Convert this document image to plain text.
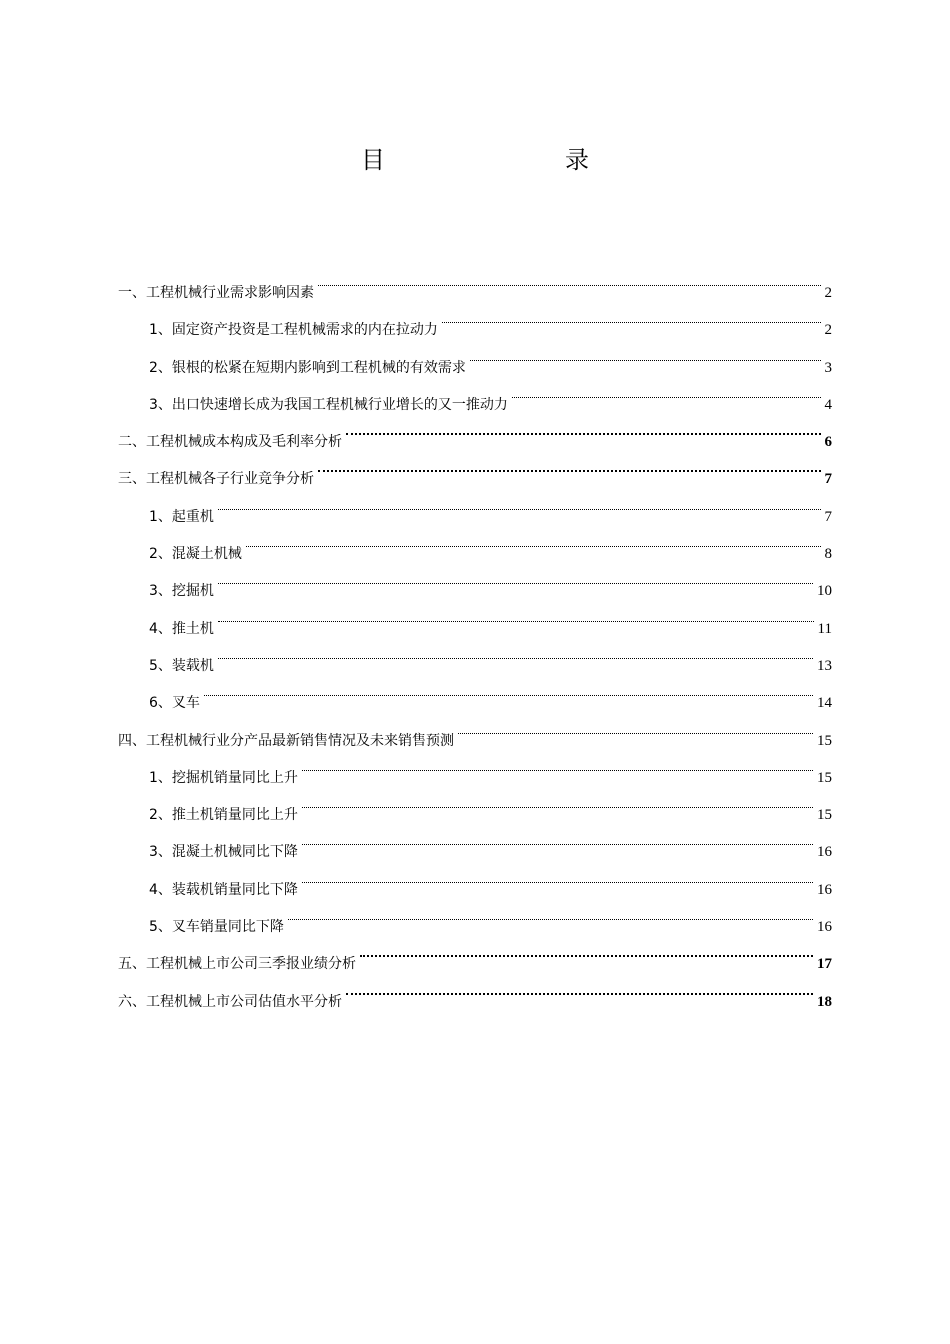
目　　录
一、工程机械行业需求影响因素	2
1、固定资产投资是工程机械需求的内在拉动力	2
2、银根的松紧在短期内影响到工程机械的有效需求	3
3、出口快速增长成为我国工程机械行业增长的又一推动力	4
二、工程机械成本构成及毛利率分析	6
三、工程机械各子行业竞争分析	7
1、起重机	7
2、混凝土机械	8
3、挖掘机	10
4、推土机	11
5、装载机	13
6、叉车	14
四、工程机械行业分产品最新销售情况及未来销售预测	15
1、挖掘机销量同比上升	15
2、推土机销量同比上升	15
3、混凝土机械同比下降	16
4、装载机销量同比下降	16
5、叉车销量同比下降	16
五、工程机械上市公司三季报业绩分析	17
六、工程机械上市公司估值水平分析	18
